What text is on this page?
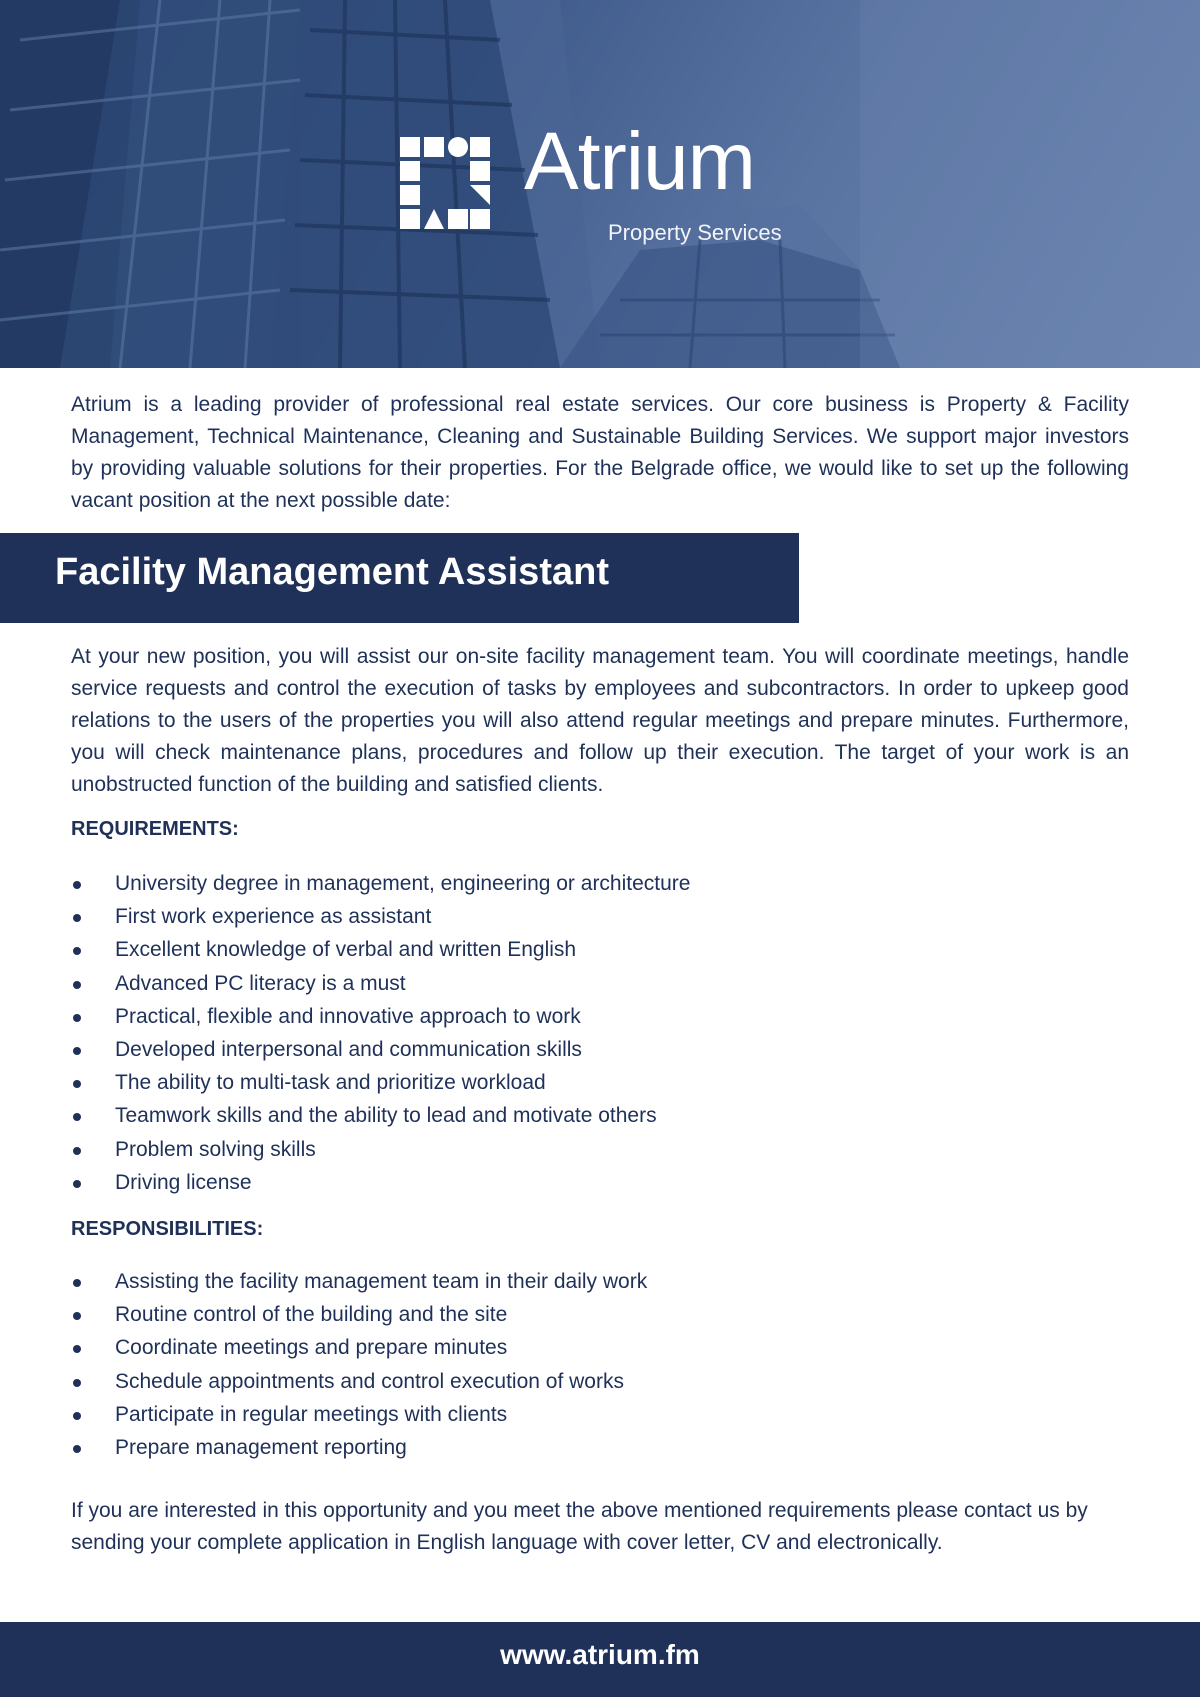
Atrium
Property Services

Atrium is a leading provider of professional real estate services. Our core business is Property & Facility Management, Technical Maintenance, Cleaning and Sustainable Building Services. We support major investors by providing valuable solutions for their properties. For the Belgrade office, we would like to set up the following vacant position at the next possible date:

Facility Management Assistant

At your new position, you will assist our on-site facility management team. You will coordinate meetings, handle service requests and control the execution of tasks by employees and subcontractors. In order to upkeep good relations to the users of the properties you will also attend regular meetings and prepare minutes. Furthermore, you will check maintenance plans, procedures and follow up their execution. The target of your work is an unobstructed function of the building and satisfied clients.

REQUIREMENTS:
University degree in management, engineering or architecture
First work experience as assistant
Excellent knowledge of verbal and written English
Advanced PC literacy is a must
Practical, flexible and innovative approach to work
Developed interpersonal and communication skills
The ability to multi-task and prioritize workload
Teamwork skills and the ability to lead and motivate others
Problem solving skills
Driving license
RESPONSIBILITIES:
Assisting the facility management team in their daily work
Routine control of the building and the site
Coordinate meetings and prepare minutes
Schedule appointments and control execution of works
Participate in regular meetings with clients
Prepare management reporting

If you are interested in this opportunity and you meet the above mentioned requirements please contact us by sending your complete application in English language with cover letter, CV and electronically.

www.atrium.fm
